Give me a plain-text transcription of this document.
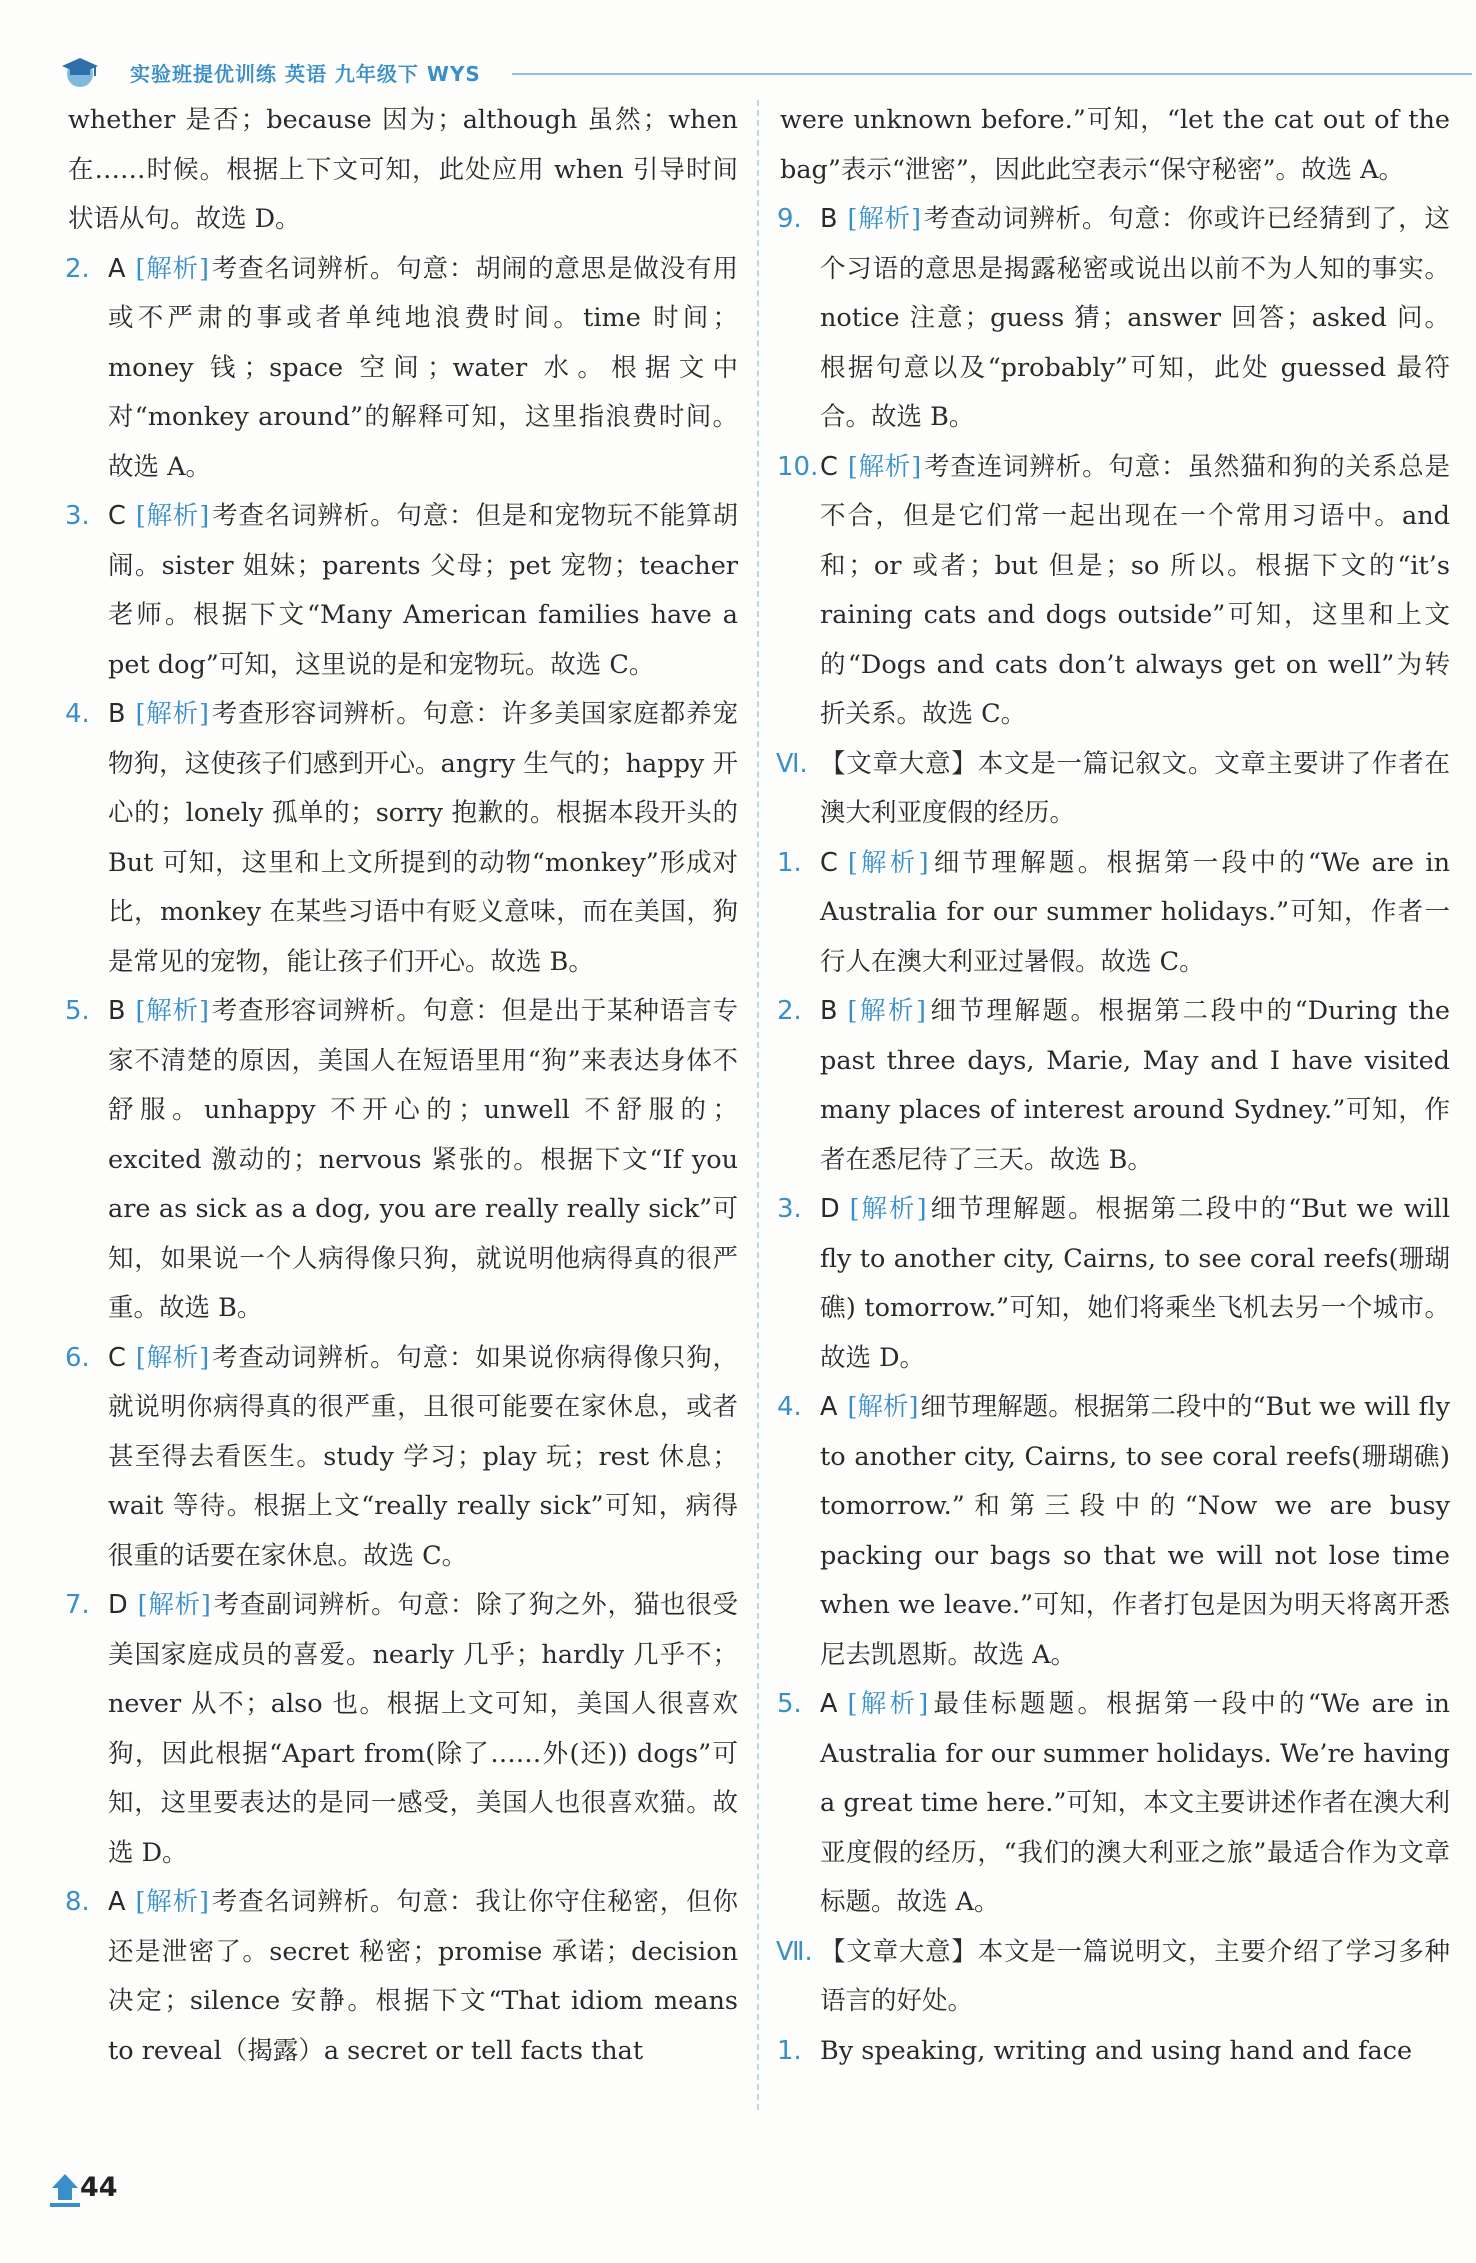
实验班提优训练 英语 九年级下 WYS

whether 是否；because 因为；although 虽然；when 在……时候。根据上下文可知，此处应用 when 引导时间状语从句。故选 D。

2. A [解析]考查名词辨析。句意：胡闹的意思是做没有用或不严肃的事或者单纯地浪费时间。time 时间；money 钱；space 空间；water 水。根据文中对“monkey around”的解释可知，这里指浪费时间。故选 A。

3. C [解析]考查名词辨析。句意：但是和宠物玩不能算胡闹。sister 姐妹；parents 父母；pet 宠物；teacher 老师。根据下文“Many American families have a pet dog”可知，这里说的是和宠物玩。故选 C。

4. B [解析]考查形容词辨析。句意：许多美国家庭都养宠物狗，这使孩子们感到开心。angry 生气的；happy 开心的；lonely 孤单的；sorry 抱歉的。根据本段开头的 But 可知，这里和上文所提到的动物“monkey”形成对比，monkey 在某些习语中有贬义意味，而在美国，狗是常见的宠物，能让孩子们开心。故选 B。

5. B [解析]考查形容词辨析。句意：但是出于某种语言专家不清楚的原因，美国人在短语里用“狗”来表达身体不舒服。unhappy 不开心的；unwell 不舒服的；excited 激动的；nervous 紧张的。根据下文“If you are as sick as a dog, you are really really sick”可知，如果说一个人病得像只狗，就说明他病得真的很严重。故选 B。

6. C [解析]考查动词辨析。句意：如果说你病得像只狗，就说明你病得真的很严重，且很可能要在家休息，或者甚至得去看医生。study 学习；play 玩；rest 休息；wait 等待。根据上文“really really sick”可知，病得很重的话要在家休息。故选 C。

7. D [解析]考查副词辨析。句意：除了狗之外，猫也很受美国家庭成员的喜爱。nearly 几乎；hardly 几乎不；never 从不；also 也。根据上文可知，美国人很喜欢狗，因此根据“Apart from(除了……外(还)) dogs”可知，这里要表达的是同一感受，美国人也很喜欢猫。故选 D。

8. A [解析]考查名词辨析。句意：我让你守住秘密，但你还是泄密了。secret 秘密；promise 承诺；decision 决定；silence 安静。根据下文“That idiom means to reveal（揭露）a secret or tell facts that

were unknown before.”可知，“let the cat out of the bag”表示“泄密”，因此此空表示“保守秘密”。故选 A。

9. B [解析]考查动词辨析。句意：你或许已经猜到了，这个习语的意思是揭露秘密或说出以前不为人知的事实。notice 注意；guess 猜；answer 回答；asked 问。根据句意以及“probably”可知，此处 guessed 最符合。故选 B。

10. C [解析]考查连词辨析。句意：虽然猫和狗的关系总是不合，但是它们常一起出现在一个常用习语中。and 和；or 或者；but 但是；so 所以。根据下文的“it’s raining cats and dogs outside”可知，这里和上文的“Dogs and cats don’t always get on well”为转折关系。故选 C。

Ⅵ. 【文章大意】本文是一篇记叙文。文章主要讲了作者在澳大利亚度假的经历。

1. C [解析]细节理解题。根据第一段中的“We are in Australia for our summer holidays.”可知，作者一行人在澳大利亚过暑假。故选 C。

2. B [解析]细节理解题。根据第二段中的“During the past three days, Marie, May and I have visited many places of interest around Sydney.”可知，作者在悉尼待了三天。故选 B。

3. D [解析]细节理解题。根据第二段中的“But we will fly to another city, Cairns, to see coral reefs(珊瑚礁) tomorrow.”可知，她们将乘坐飞机去另一个城市。故选 D。

4. A [解析]细节理解题。根据第二段中的“But we will fly to another city, Cairns, to see coral reefs(珊瑚礁) tomorrow.”和第三段中的“Now we are busy packing our bags so that we will not lose time when we leave.”可知，作者打包是因为明天将离开悉尼去凯恩斯。故选 A。

5. A [解析]最佳标题题。根据第一段中的“We are in Australia for our summer holidays. We’re having a great time here.”可知，本文主要讲述作者在澳大利亚度假的经历，“我们的澳大利亚之旅”最适合作为文章标题。故选 A。

Ⅶ. 【文章大意】本文是一篇说明文，主要介绍了学习多种语言的好处。

1. By speaking, writing and using hand and face

44
